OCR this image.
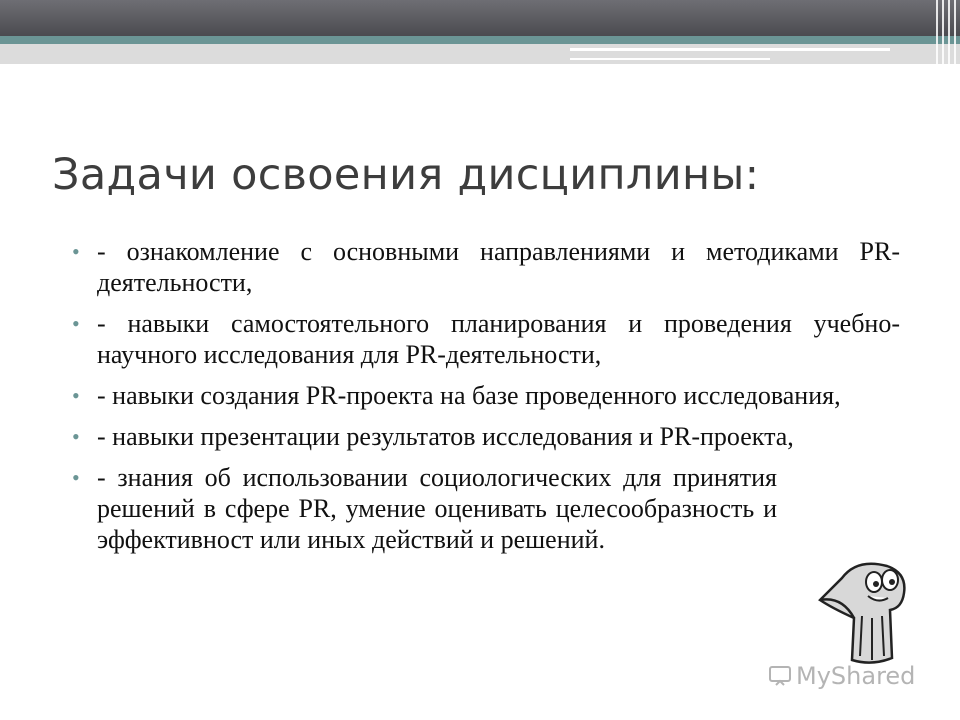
Задачи освоения дисциплины:
• - ознакомление с основными направлениями и методиками PR-деятельности,
• - навыки самостоятельного планирования и проведения учебно-научного исследования для PR-деятельности,
• - навыки создания PR-проекта на базе проведенного исследования,
• - навыки презентации результатов исследования и PR-проекта,
• - знания об использовании социологических для принятия решений в сфере PR, умение оценивать целесообразность и эффективност или иных действий и решений.
MyShared
